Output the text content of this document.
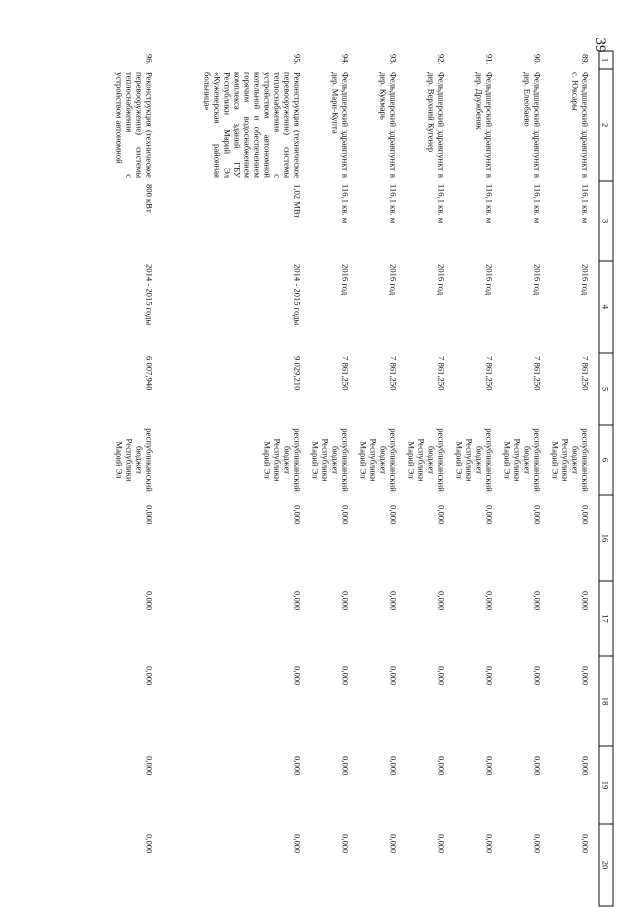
39
1	2	3	4	5	6	16	17	18	19	20
89.	Фельдшерский здравпункт в с. Юксары	116,1 кв. м	2016 год	7 861,250	республиканский бюджет Республики Марий Эл	0,000	0,000	0,000	0,000	0,000
90.	Фельдшерский здравпункт в дер. Елеобаево	116,1 кв. м	2016 год	7 861,250	республиканский бюджет Республики Марий Эл	0,000	0,000	0,000	0,000	0,000
91.	Фельдшерский здравпункт в дер. Дружбеняк	116,1 кв. м	2016 год	7 861,250	республиканский бюджет Республики Марий Эл	0,000	0,000	0,000	0,000	0,000
92.	Фельдшерский здравпункт в дер. Верхний Кугенер	116,1 кв. м	2016 год	7 861,250	республиканский бюджет Республики Марий Эл	0,000	0,000	0,000	0,000	0,000
93.	Фельдшерский здравпункт в дер. Кукмарь	116,1 кв. м	2016 год	7 861,250	республиканский бюджет Республики Марий Эл	0,000	0,000	0,000	0,000	0,000
94.	Фельдшерский здравпункт в дер. Мари-Купта	116,1 кв. м	2016 год	7 861,250	республиканский бюджет Республики Марий Эл	0,000	0,000	0,000	0,000	0,000
95.	Реконструкция (техническое перевооружение) системы теплоснабжения с устройством автономной котельной и обеспечением горячим водоснабжением комплекса зданий ГБУ Республики Марий Эл «Куженерская районная больница»	1,02 МВт	2014 - 2015 годы	9 029,210	республиканский бюджет Республики Марий Эл	0,000	0,000	0,000	0,000	0,000
96.	Реконструкция (техническое перевооружение) системы теплоснабжения с устройством автономной	800 кВт	2014 - 2015 годы	6 007,940	республиканский бюджет Республики Марий Эл	0,000	0,000	0,000	0,000	0,000
